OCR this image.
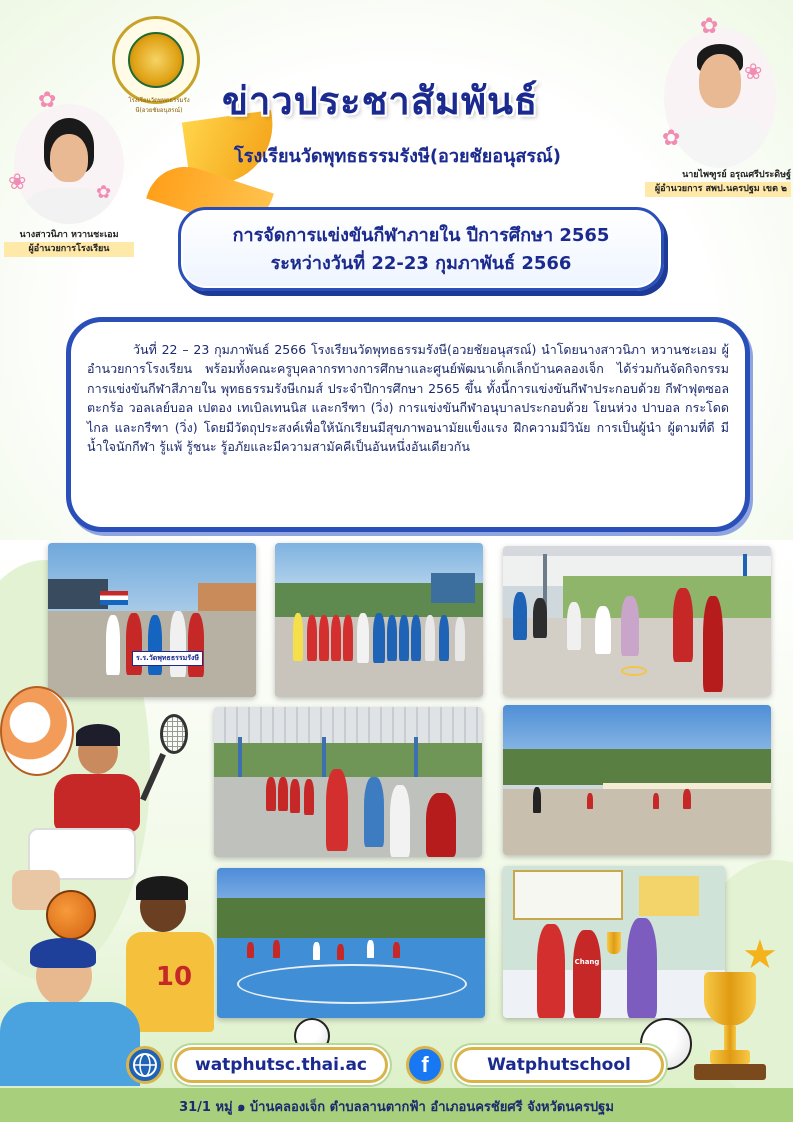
โรงเรียนวัดพุทธธรรมรังษี(อวยชัยอนุสรณ์)	ข่าวประชาสัมพันธ์
โรงเรียนวัดพุทธธรรมรังษี(อวยชัยอนุสรณ์)
✿
❀	✿
นางสาวนิภา หวานชะเอม

ผู้อำนวยการโรงเรียน
✿
❀
✿
นายไพฑูรย์ อรุณศรีประดิษฐ์

ผู้อำนวยการ สพป.นครปฐม เขต ๒
การจัดการแข่งขันกีฬาภายใน ปีการศึกษา 2565
ระหว่างวันที่ 22-23 กุมภาพันธ์ 2566

วันที่ 22 – 23 กุมภาพันธ์ 2566 โรงเรียนวัดพุทธธรรมรังษี(อวยชัยอนุสรณ์) นำโดยนางสาวนิภา หวานชะเอม ผู้อำนวยการโรงเรียน พร้อมทั้งคณะครูบุคลากรทางการศึกษาและศูนย์พัฒนาเด็กเล็กบ้านคลองเจ็ก ได้ร่วมกันจัดกิจกรรมการแข่งขันกีฬาสีภายใน พุทธธรรมรังษีเกมส์ ประจำปีการศึกษา 2565 ขึ้น ทั้งนี้การแข่งขันกีฬาประกอบด้วย กีฬาฟุตซอล ตะกร้อ วอลเลย์บอล เปตอง เทเบิลเทนนิส และกรีฑา (วิ่ง) การแข่งขันกีฬาอนุบาลประกอบด้วย โยนห่วง ปาบอล กระโดดไกล และกรีฑา (วิ่ง) โดยมีวัตถุประสงค์เพื่อให้นักเรียนมีสุขภาพอนามัยแข็งแรง ฝึกความมีวินัย การเป็นผู้นำ ผู้ตามที่ดี มีน้ำใจนักกีฬา รู้แพ้ รู้ชนะ รู้อภัยและมีความสามัคคีเป็นอันหนึ่งอันเดียวกัน

ร.ร.วัดพุทธธรรมรังษี
Chang
10	★
watphutsc.thai.ac f	Watphutschool
31/1 หมู่ ๑ บ้านคลองเจ็ก ตำบลลานตากฟ้า อำเภอนครชัยศรี จังหวัดนครปฐม
